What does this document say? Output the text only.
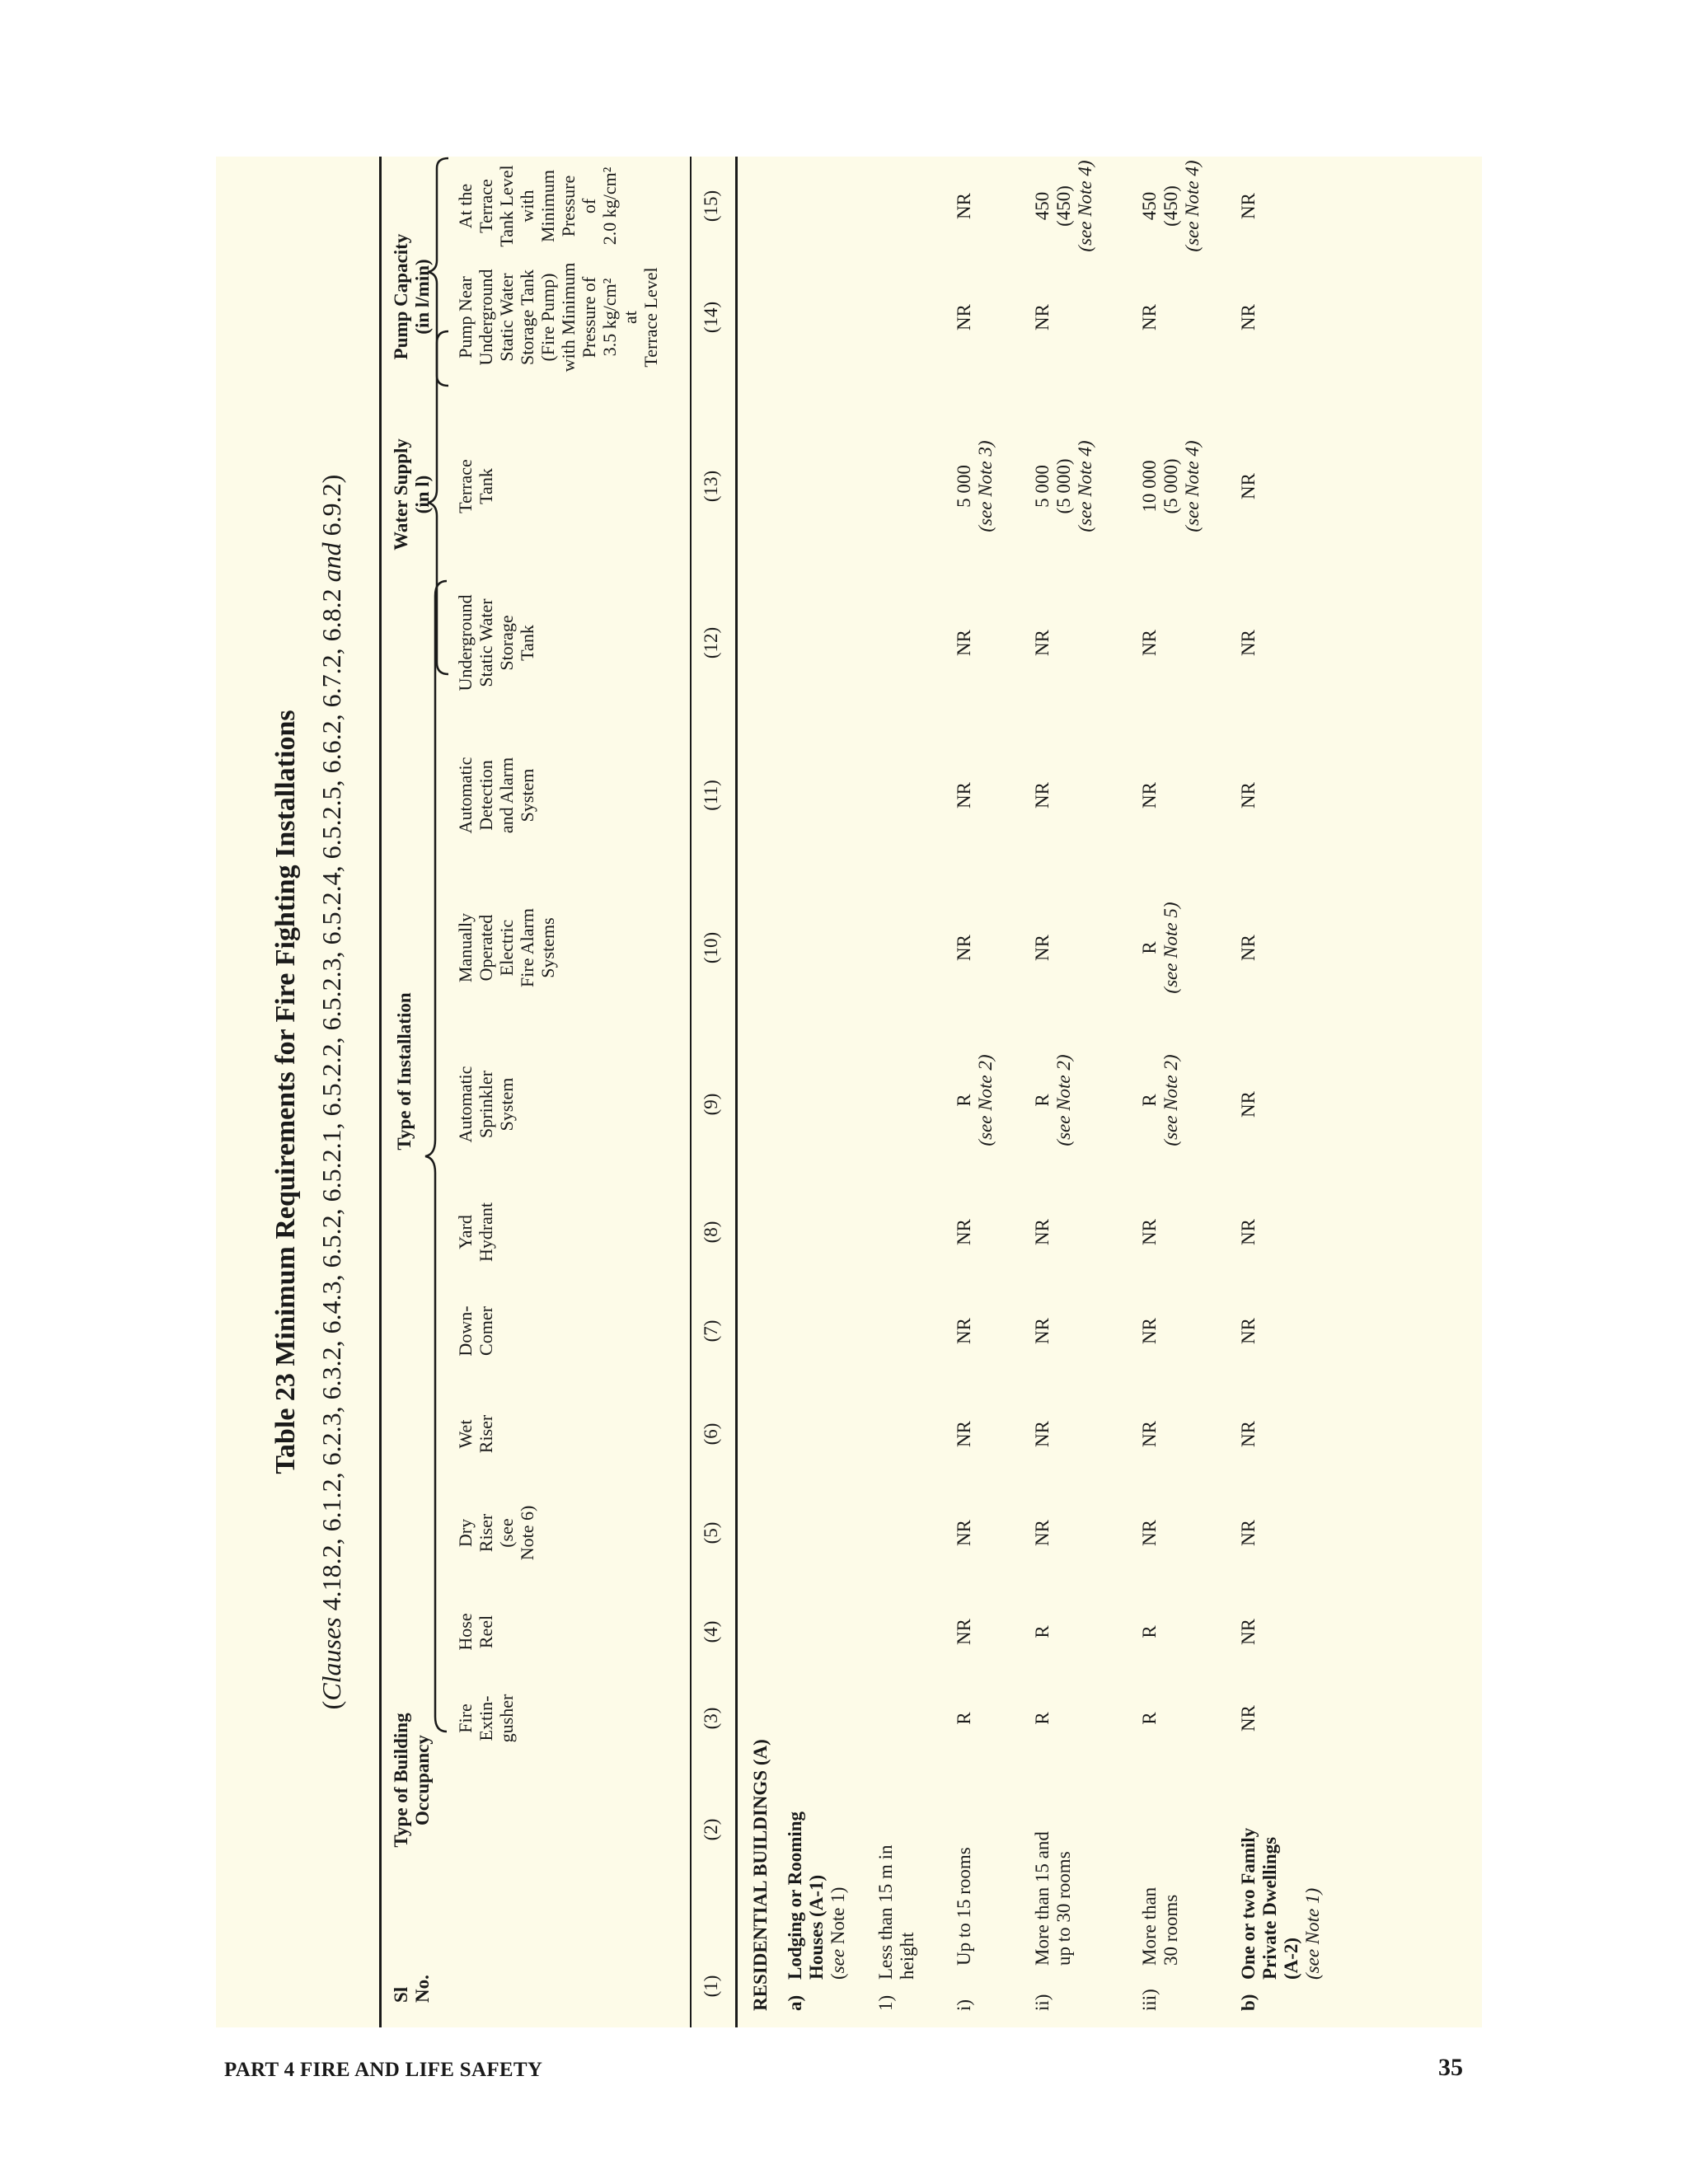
Table 23 Minimum Requirements for Fire Fighting Installations
(Clauses 4.18.2, 6.1.2, 6.2.3, 6.3.2, 6.4.3, 6.5.2, 6.5.2.1, 6.5.2.2, 6.5.2.3, 6.5.2.4, 6.5.2.5, 6.6.2, 6.7.2, 6.8.2 and 6.9.2)
Sl
No.
Type of Building
Occupancy
Type of Installation
Water Supply
(in l)
Pump Capacity
(in l/min)
Fire
Extin-
gusher
Hose
Reel
Dry
Riser
(see
Note 6)
Wet
Riser
Down-
Comer
Yard
Hydrant
Automatic
Sprinkler
System
Manually
Operated
Electric
Fire Alarm
Systems
Automatic
Detection
and Alarm
System
Underground
Static Water
Storage
Tank
Terrace
Tank
Pump Near
Underground
Static Water
Storage Tank
(Fire Pump)
with Minimum
Pressure of
3.5 kg/cm²
at
Terrace Level
At the
Terrace
Tank Level
with
Minimum
Pressure
of
2.0 kg/cm²
(1)
(2)
(3)
(4)
(5)
(6)
(7)
(8)
(9)
(10)
(11)
(12)
(13)
(14)
(15)
RESIDENTIAL BUILDINGS (A) a)
Lodging or Rooming
Houses (A-1)
(see Note 1)
1)
Less than 15 m in
height
i)
Up to 15 rooms
R
NR
NR
NR
NR
NR
R (see Note 2)
NR
NR
NR
5 000 (see Note 3)
NR
NR
ii)
More than 15 and
up to 30 rooms
R
R
NR
NR
NR
NR
R (see Note 2)
NR
NR
NR
5 000 (5 000) (see Note 4)
NR
450 (450) (see Note 4)
iii)
More than
30 rooms
R
R
NR
NR
NR
NR
R (see Note 2)
R (see Note 5)
NR
NR
10 000 (5 000) (see Note 4)
NR
450 (450) (see Note 4)
b)
One or two Family
Private Dwellings
(A-2) (see Note 1)
NR
NR
NR
NR
NR
NR
NR
NR
NR
NR
NR
NR
NR
PART 4 FIRE AND LIFE SAFETY	35
